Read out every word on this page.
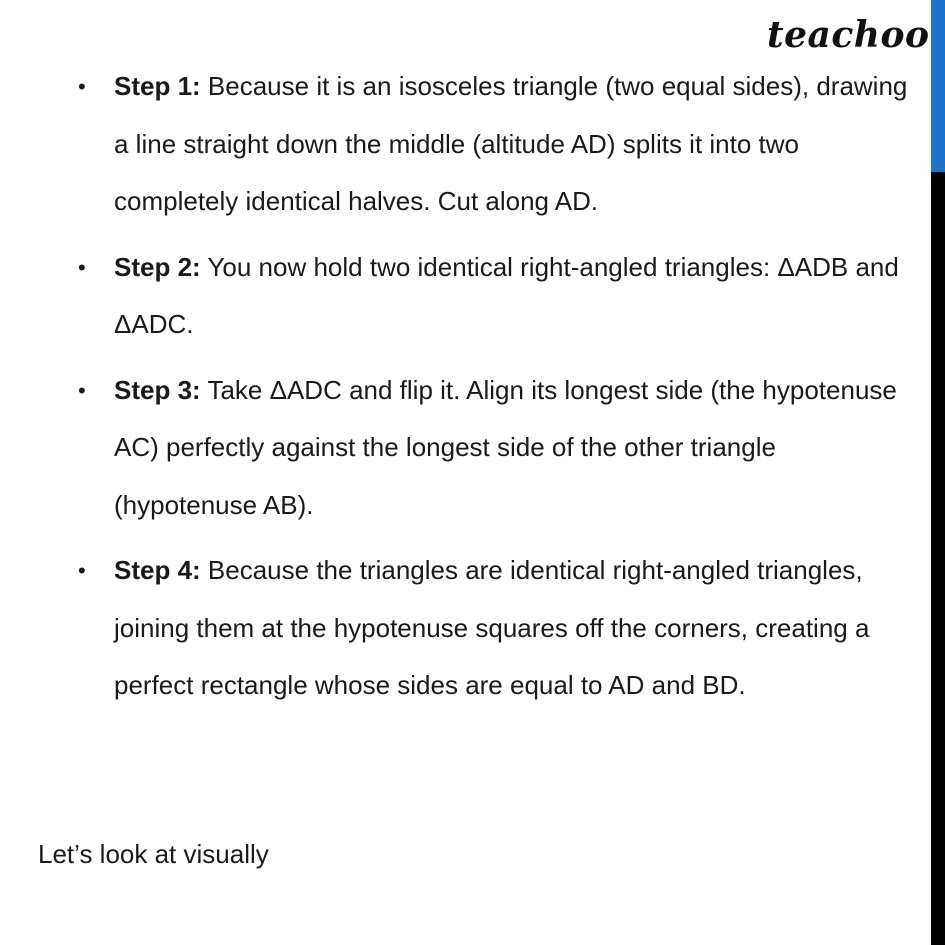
teachoo
• Step 1: Because it is an isosceles triangle (two equal sides), drawing a line straight down the middle (altitude AD) splits it into two completely identical halves. Cut along AD.
• Step 2: You now hold two identical right-angled triangles: ΔADB and ΔADC.
• Step 3: Take ΔADC and flip it. Align its longest side (the hypotenuse AC) perfectly against the longest side of the other triangle (hypotenuse AB).
• Step 4: Because the triangles are identical right-angled triangles, joining them at the hypotenuse squares off the corners, creating a perfect rectangle whose sides are equal to AD and BD.
Let’s look at visually
